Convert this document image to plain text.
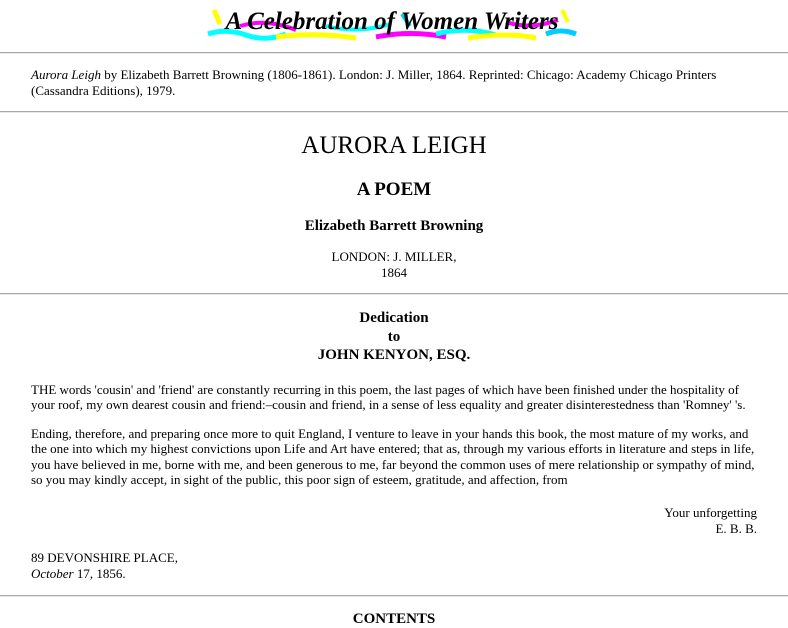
A Celebration of Women Writers
Aurora Leigh by Elizabeth Barrett Browning (1806-1861). London: J. Miller, 1864. Reprinted: Chicago: Academy Chicago Printers (Cassandra Editions), 1979.
AURORA LEIGH
A POEM
Elizabeth Barrett Browning
LONDON: J. MILLER,
1864
Dedication
to
JOHN KENYON, ESQ.

THE words 'cousin' and 'friend' are constantly recurring in this poem, the last pages of which have been finished under the hospitality of your roof, my own dearest cousin and friend:–cousin and friend, in a sense of less equality and greater disinterestedness than 'Romney' 's.

Ending, therefore, and preparing once more to quit England, I venture to leave in your hands this book, the most mature of my works, and the one into which my highest convictions upon Life and Art have entered; that as, through my various efforts in literature and steps in life, you have believed in me, borne with me, and been generous to me, far beyond the common uses of mere relationship or sympathy of mind, so you may kindly accept, in sight of the public, this poor sign of esteem, gratitude, and affection, from

Your unforgetting
E. B. B.
89 DEVONSHIRE PLACE,
October 17, 1856.
CONTENTS
